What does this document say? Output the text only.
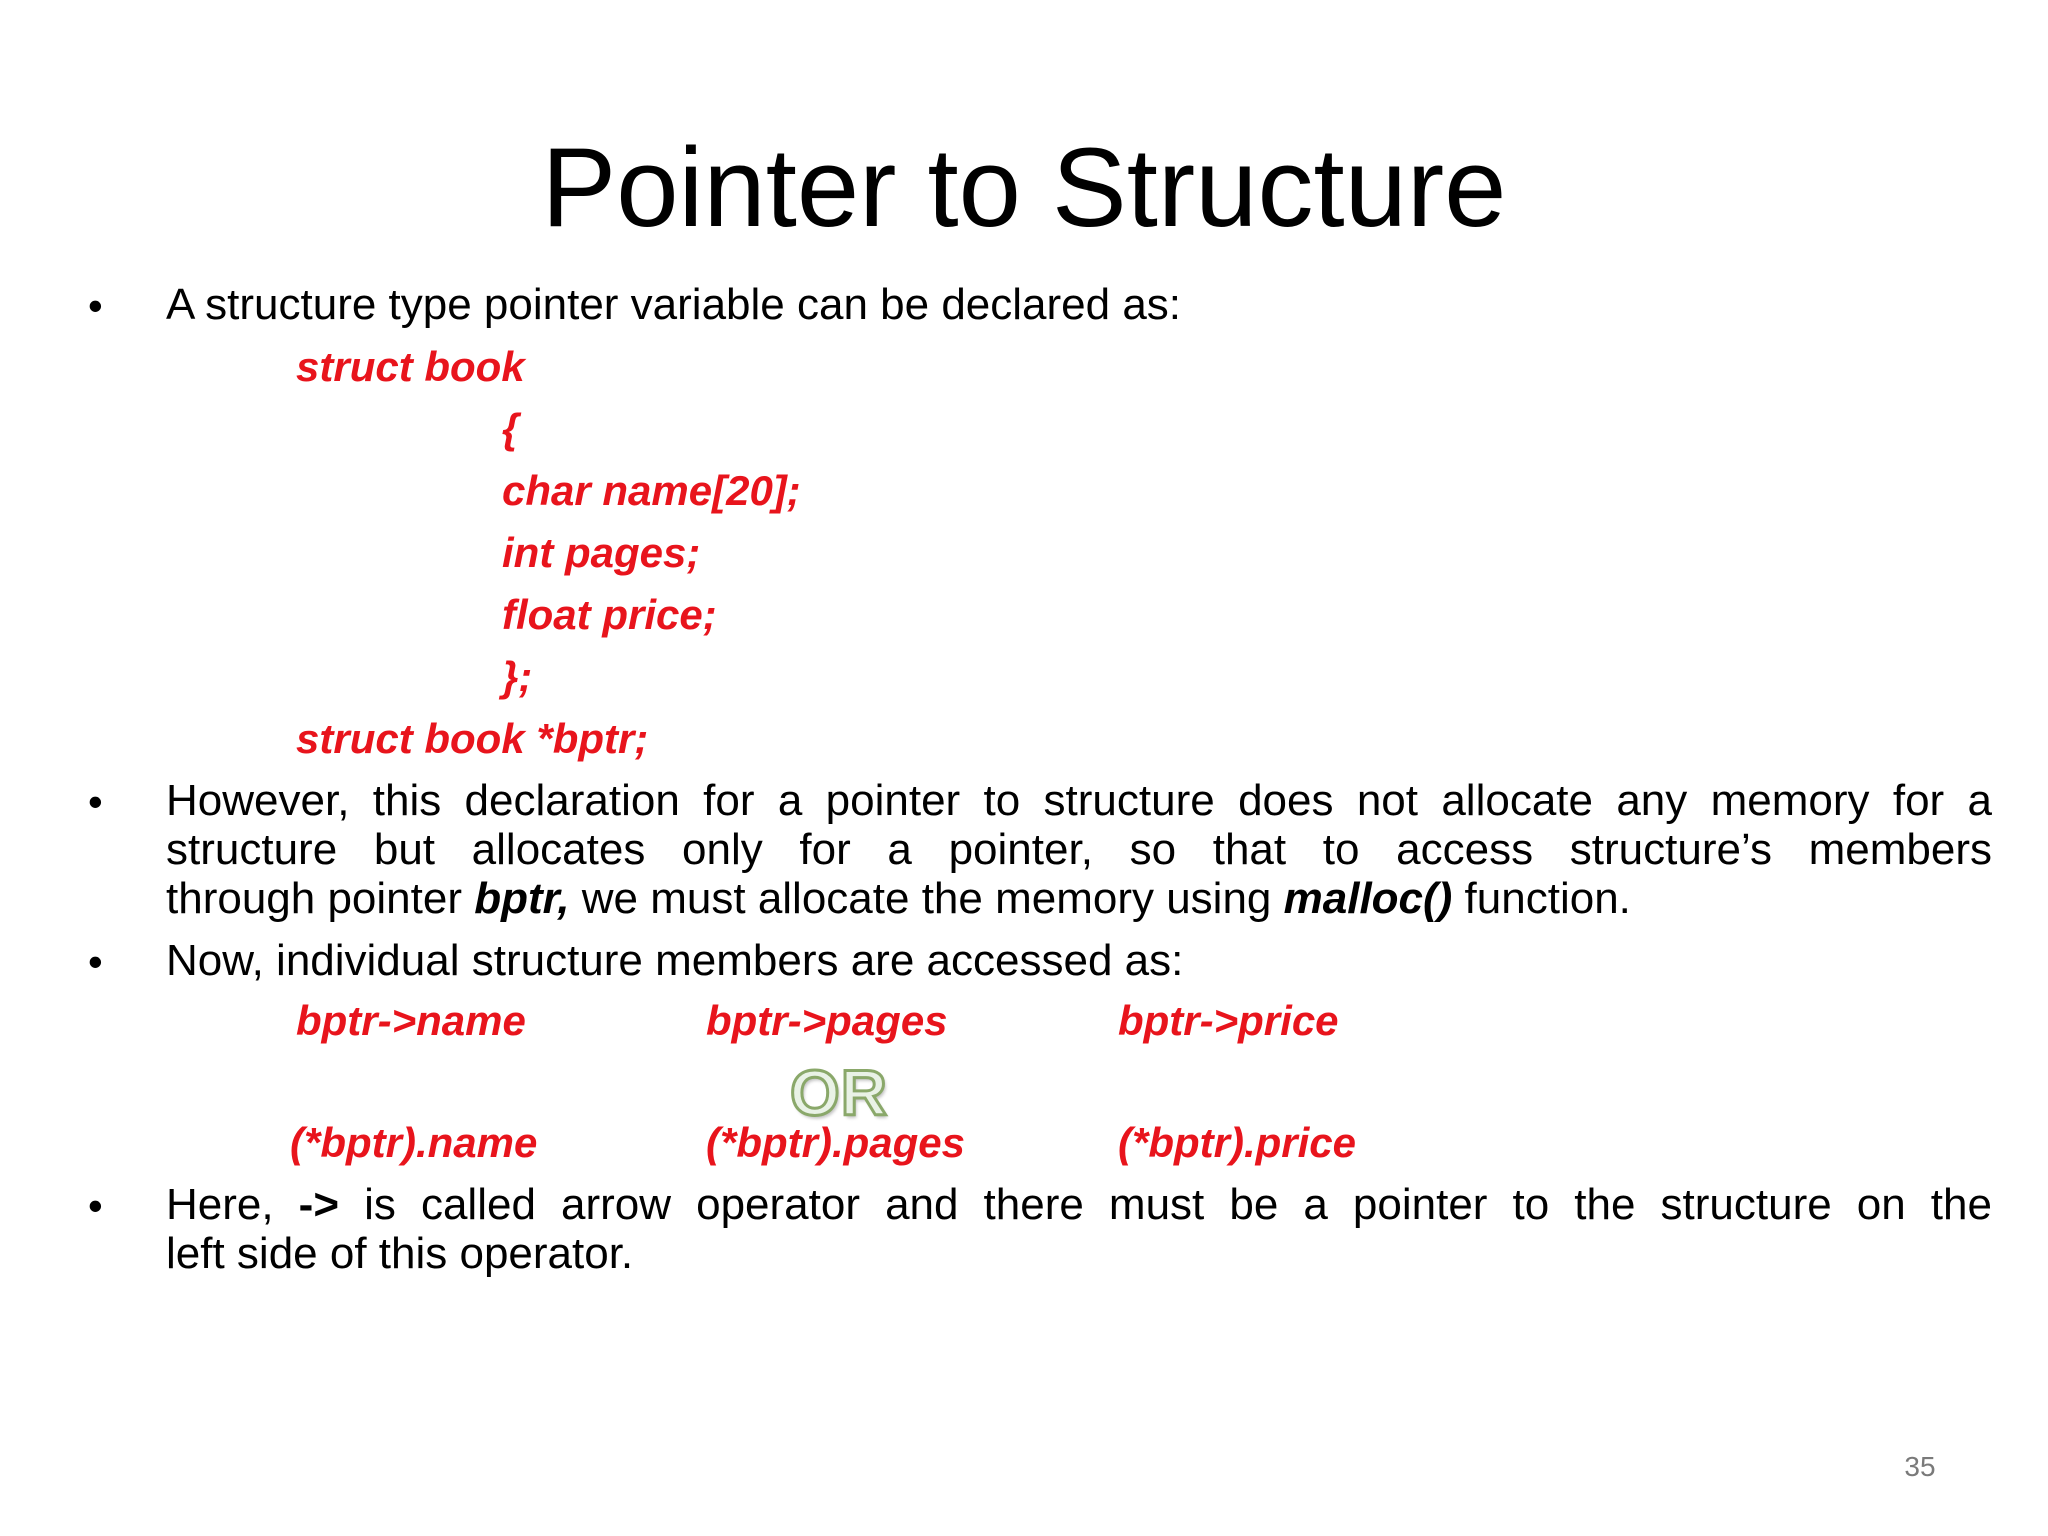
Pointer to Structure
• A structure type pointer variable can be declared as:
struct book
{
char name[20];
int pages;
float price;
};
struct book *bptr;
• However, this declaration for a pointer to structure does not allocate any memory for a
structure but allocates only for a pointer, so that to access structure’s members
through pointer bptr, we must allocate the memory using malloc() function.
• Now, individual structure members are accessed as:
bptr->name	bptr->pages	bptr->price
OR
(*bptr).name	(*bptr).pages	(*bptr).price
• Here, -> is called arrow operator and there must be a pointer to the structure on the
left side of this operator.
35
